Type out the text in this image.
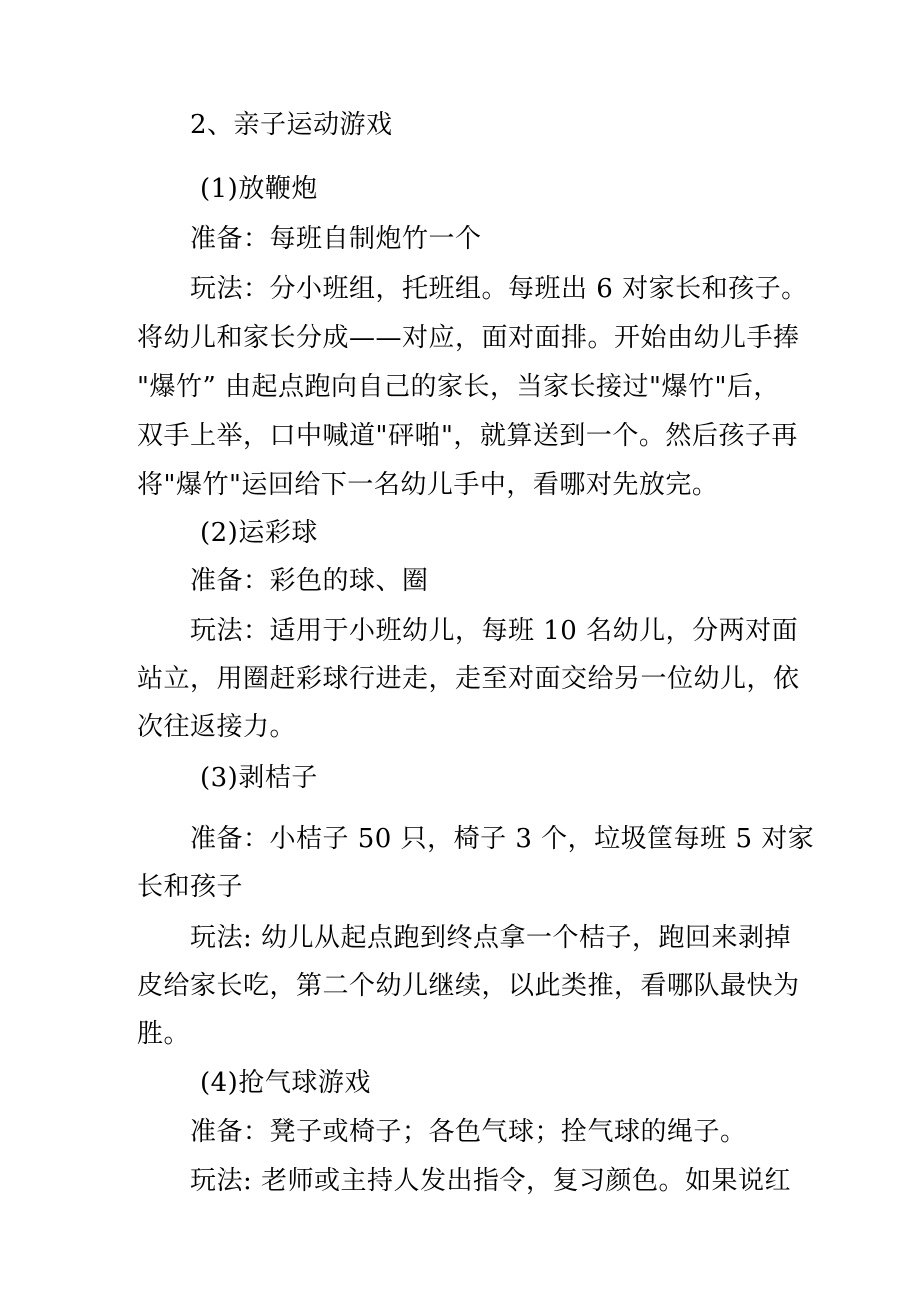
2、亲子运动游戏
(1)放鞭炮
准备：每班自制炮竹一个
玩法：分小班组，托班组。每班出 6 对家长和孩子。
将幼儿和家长分成——对应，面对面排。开始由幼儿手捧
"爆竹” 由起点跑向自己的家长，当家长接过"爆竹"后，
双手上举，口中喊道"砰啪"，就算送到一个。然后孩子再
将"爆竹"运回给下一名幼儿手中，看哪对先放完。
(2)运彩球
准备：彩色的球、圈
玩法：适用于小班幼儿，每班 10 名幼儿，分两对面
站立，用圈赶彩球行进走，走至对面交给另一位幼儿，依
次往返接力。
(3)剥桔子
准备：小桔子 50 只，椅子 3 个，垃圾筐每班 5 对家
长和孩子
玩法: 幼儿从起点跑到终点拿一个桔子，跑回来剥掉
皮给家长吃，第二个幼儿继续，以此类推，看哪队最快为
胜。
(4)抢气球游戏
准备：凳子或椅子；各色气球；拴气球的绳子。
玩法: 老师或主持人发出指令，复习颜色。如果说红
